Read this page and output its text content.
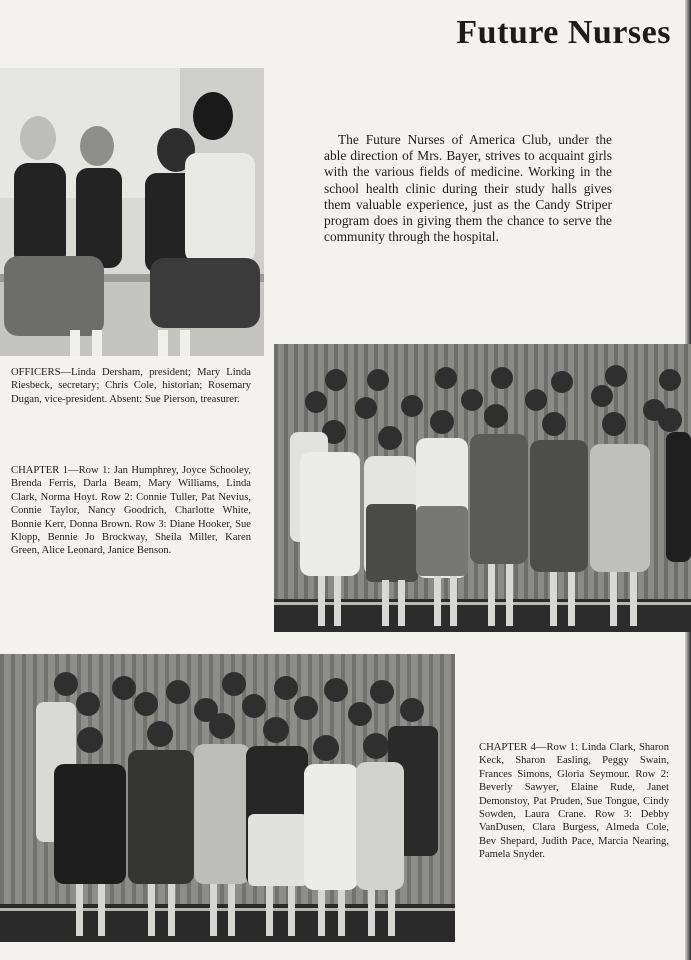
Future Nurses

The Future Nurses of America Club, under the able direction of Mrs. Bayer, strives to acquaint girls with the various fields of medicine. Working in the school health clinic during their study halls gives them valuable experience, just as the Candy Striper program does in giving them the chance to serve the community through the hospital.

OFFICERS—Linda Dersham, president; Mary Linda Riesbeck, secretary; Chris Cole, historian; Rosemary Dugan, vice-president. Absent: Sue Pierson, treasurer.

CHAPTER 1—Row 1: Jan Humphrey, Joyce Schooley, Brenda Ferris, Darla Beam, Mary Williams, Linda Clark, Norma Hoyt. Row 2: Connie Tuller, Pat Nevius, Connie Taylor, Nancy Goodrich, Charlotte White, Bonnie Kerr, Donna Brown. Row 3: Diane Hooker, Sue Klopp, Bennie Jo Brockway, Sheila Miller, Karen Green, Alice Leonard, Janice Benson.

CHAPTER 4—Row 1: Linda Clark, Sharon Keck, Sharon Easling, Peggy Swain, Frances Simons, Gloria Seymour. Row 2: Beverly Sawyer, Elaine Rude, Janet Demonstoy, Pat Pruden, Sue Tongue, Cindy Sowden, Laura Crane. Row 3: Debby VanDusen, Clara Burgess, Almeda Cole, Bev Shepard, Judith Pace, Marcia Nearing, Pamela Snyder.
